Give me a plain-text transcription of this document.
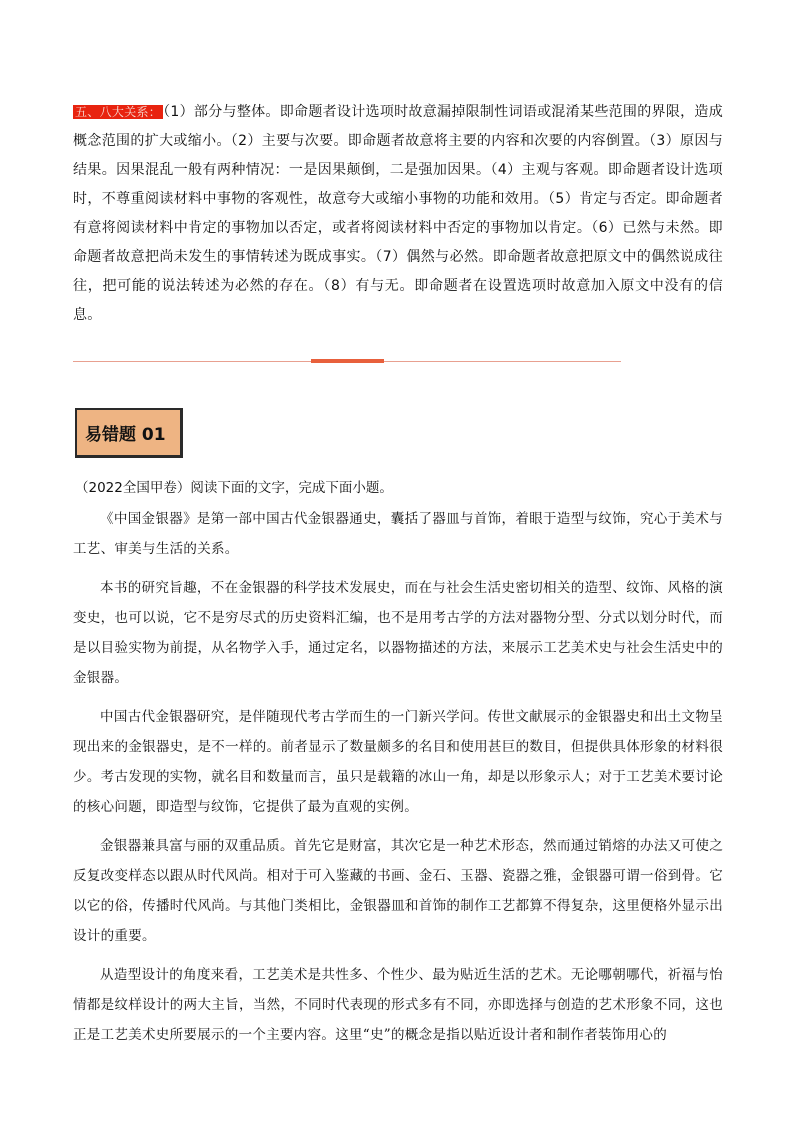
五、八大关系： （1）部分与整体。即命题者设计选项时故意漏掉限制性词语或混淆某些范围的界限，造成概念范围的扩大或缩小。（2）主要与次要。即命题者故意将主要的内容和次要的内容倒置。（3）原因与结果。因果混乱一般有两种情况：一是因果颠倒，二是强加因果。（4）主观与客观。即命题者设计选项时，不尊重阅读材料中事物的客观性，故意夸大或缩小事物的功能和效用。（5）肯定与否定。即命题者有意将阅读材料中肯定的事物加以否定，或者将阅读材料中否定的事物加以肯定。（6）已然与未然。即命题者故意把尚未发生的事情转述为既成事实。（7）偶然与必然。即命题者故意把原文中的偶然说成往往，把可能的说法转述为必然的存在。（8）有与无。即命题者在设置选项时故意加入原文中没有的信息。
易错题 01
（2022全国甲卷）阅读下面的文字，完成下面小题。

《中国金银器》是第一部中国古代金银器通史，囊括了器皿与首饰，着眼于造型与纹饰，究心于美术与工艺、审美与生活的关系。

本书的研究旨趣，不在金银器的科学技术发展史，而在与社会生活史密切相关的造型、纹饰、风格的演变史，也可以说，它不是穷尽式的历史资料汇编，也不是用考古学的方法对器物分型、分式以划分时代，而是以目验实物为前提，从名物学入手，通过定名，以器物描述的方法，来展示工艺美术史与社会生活史中的金银器。

中国古代金银器研究，是伴随现代考古学而生的一门新兴学问。传世文献展示的金银器史和出土文物呈现出来的金银器史，是不一样的。前者显示了数量颇多的名目和使用甚巨的数目，但提供具体形象的材料很少。考古发现的实物，就名目和数量而言，虽只是载籍的冰山一角，却是以形象示人；对于工艺美术要讨论的核心问题，即造型与纹饰，它提供了最为直观的实例。

金银器兼具富与丽的双重品质。首先它是财富，其次它是一种艺术形态，然而通过销熔的办法又可使之反复改变样态以跟从时代风尚。相对于可入鉴藏的书画、金石、玉器、瓷器之雅，金银器可谓一俗到骨。它以它的俗，传播时代风尚。与其他门类相比，金银器皿和首饰的制作工艺都算不得复杂，这里便格外显示出设计的重要。

从造型设计的角度来看，工艺美术是共性多、个性少、最为贴近生活的艺术。无论哪朝哪代，祈福与怡情都是纹样设计的两大主旨，当然，不同时代表现的形式多有不同，亦即选择与创造的艺术形象不同，这也正是工艺美术史所要展示的一个主要内容。这里“史”的概念是指以贴近设计者和制作者装饰用心的
